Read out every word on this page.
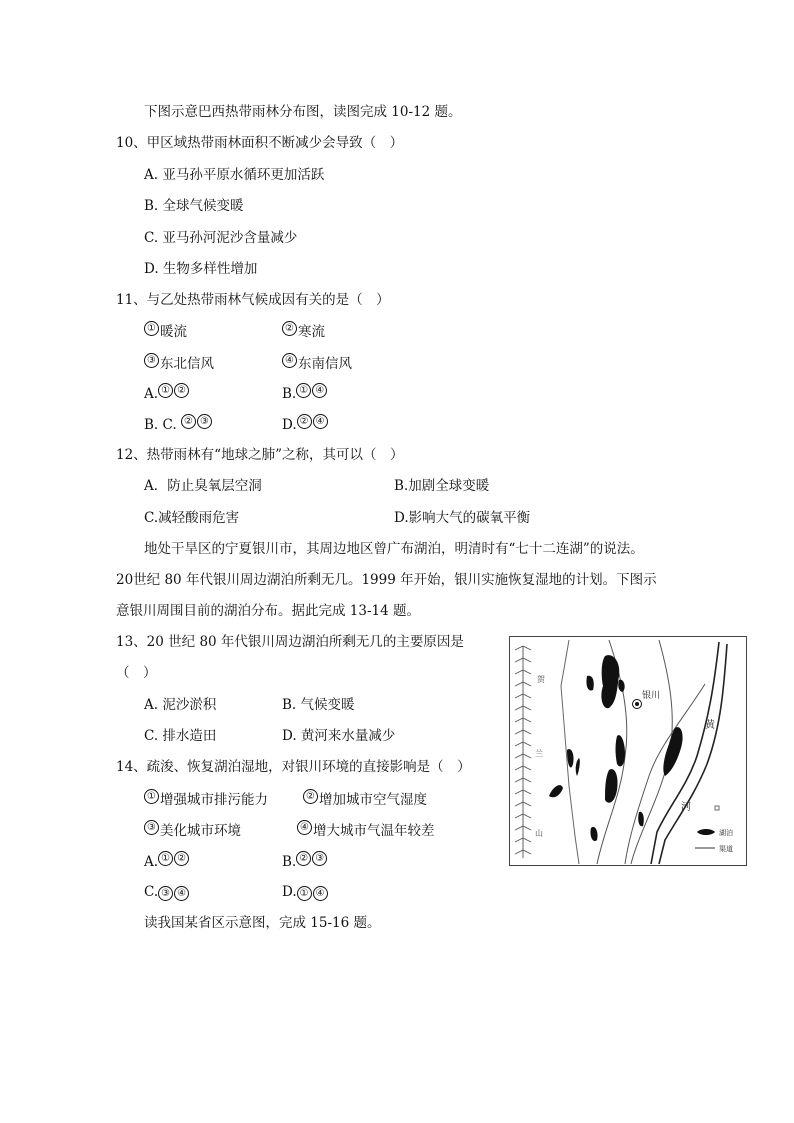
下图示意巴西热带雨林分布图，读图完成 10-12 题。
10、甲区域热带雨林面积不断减少会导致（　）
A. 亚马孙平原水循环更加活跃
B. 全球气候变暖
C. 亚马孙河泥沙含量减少
D. 生物多样性增加
11、与乙处热带雨林气候成因有关的是（　）
① 暖流	② 寒流
③ 东北信风	④ 东南信风
A. ① ②	B. ① ④
B. C. ② ③	D. ② ④
12、热带雨林有“地球之肺”之称，其可以（　）
A．防止臭氧层空洞	B.加剧全球变暖
C.减轻酸雨危害	D.影响大气的碳氧平衡
地处干旱区的宁夏银川市，其周边地区曾广布湖泊，明清时有“七十二连湖”的说法。
20世纪 80 年代银川周边湖泊所剩无几。1999 年开始，银川实施恢复湿地的计划。下图示
意银川周围目前的湖泊分布。据此完成 13-14 题。
13、20 世纪 80 年代银川周边湖泊所剩无几的主要原因是
（　）
A. 泥沙淤积	B. 气候变暖
C. 排水造田	D. 黄河来水量减少
14、疏浚、恢复湖泊湿地，对银川环境的直接影响是（　）
① 增强城市排污能力	② 增加城市空气湿度
③ 美化城市环境	④ 增大城市气温年较差
A. ① ②	B. ② ③
C. ③ ④	D. ① ④
读我国某省区示意图，完成 15-16 题。
银川
黄
河
贺
兰
山	湖泊
渠道
